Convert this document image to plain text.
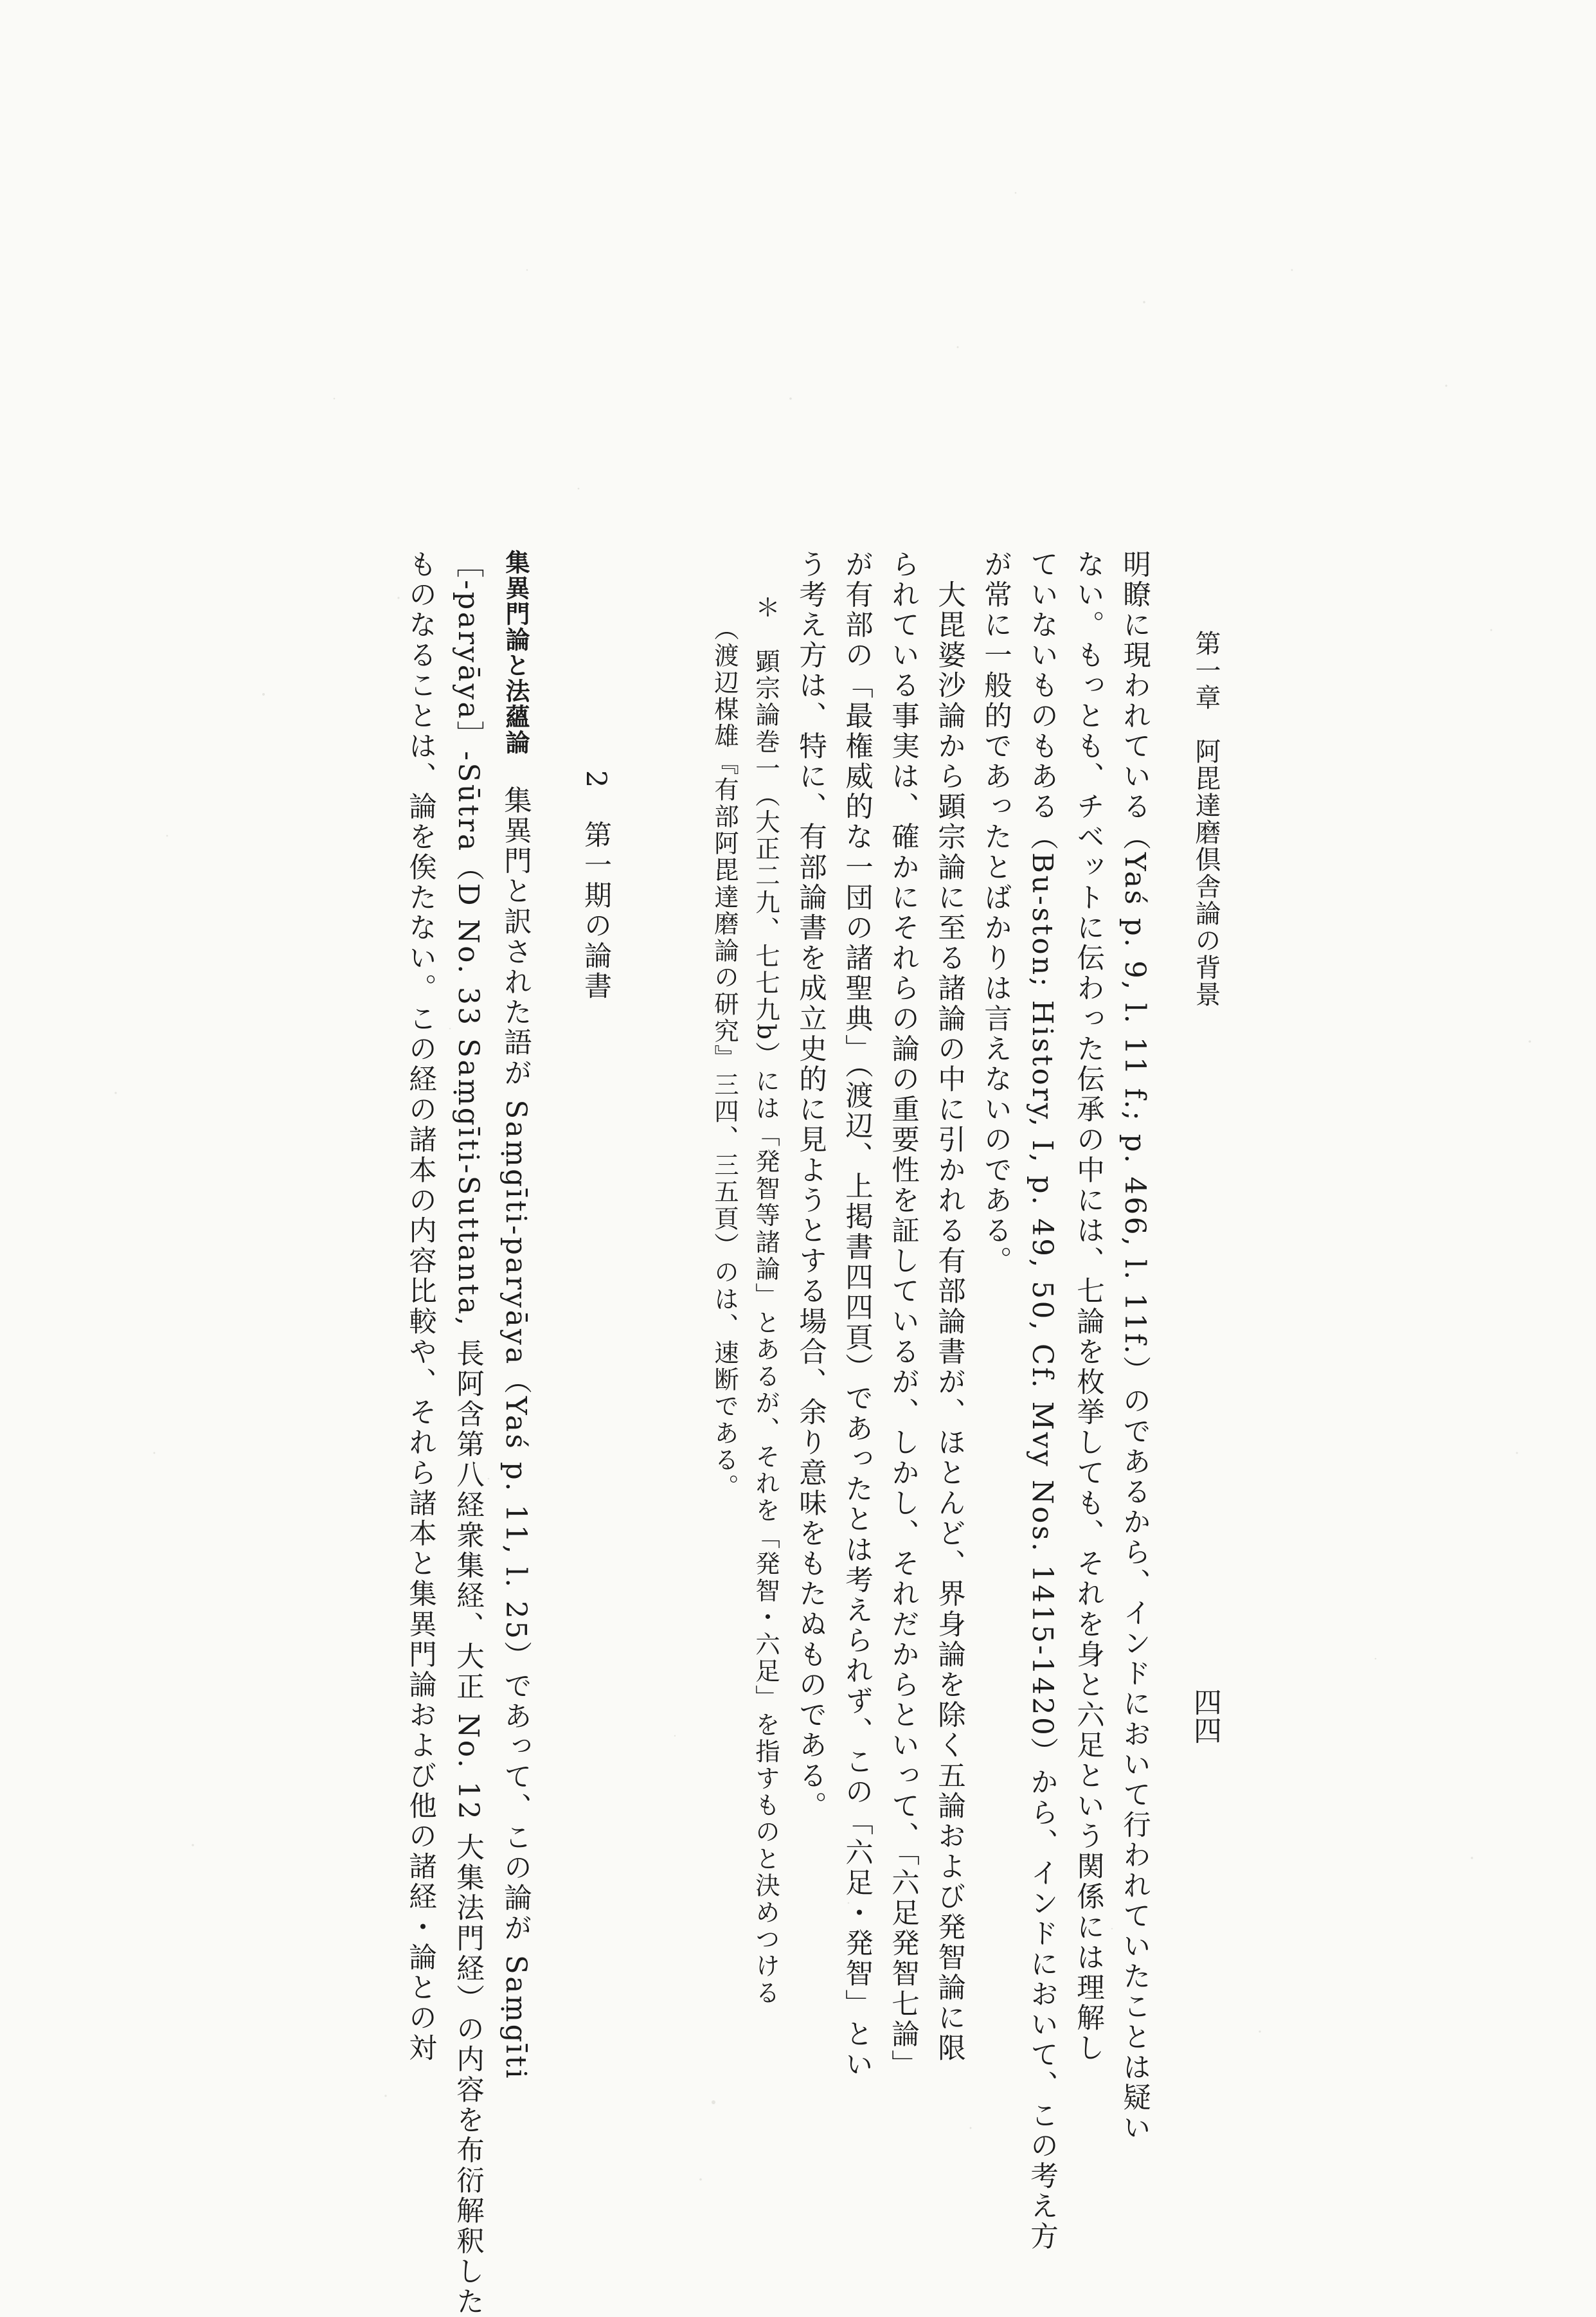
第一章　阿毘達磨倶舎論の背景
四四
明瞭に現われている（Yaś p. 9, l. 11 f.; p. 466, l. 11f.）のであるから、インドにおいて行われていたことは疑い
ない。もっとも、チベットに伝わった伝承の中には、七論を枚挙しても、それを身と六足という関係には理解し
ていないものもある（Bu-ston; History, I, p. 49, 50, Cf. Mvy Nos. 1415-1420）から、インドにおいて、この考え方
が常に一般的であったとばかりは言えないのである。
　大毘婆沙論から顕宗論に至る諸論の中に引かれる有部論書が、ほとんど、界身論を除く五論および発智論に限
られている事実は、確かにそれらの論の重要性を証しているが、しかし、それだからといって、「六足発智七論」
が有部の「最権威的な一団の諸聖典」（渡辺、上掲書四四頁）であったとは考えられず、この「六足・発智」とい
う考え方は、特に、有部論書を成立史的に見ようとする場合、余り意味をもたぬものである。
＊　顕宗論巻一（大正二九、七七九b）には「発智等諸論」とあるが、それを「発智・六足」を指すものと決めつける
（渡辺楳雄『有部阿毘達磨論の研究』三四、三五頁）のは、速断である。
2　第一期の論書
集異門論と法蘊論　集異門と訳された語が Saṃgīti-paryāya（Yaś p. 11, l. 25）であって、この論が Saṃgīti
［-paryāya］-Sūtra（D No. 33 Saṃgīti-Suttanta, 長阿含第八経衆集経、大正 No. 12 大集法門経）の内容を布衍解釈した
ものなることは、論を俟たない。この経の諸本の内容比較や、それら諸本と集異門論および他の諸経・論との対
